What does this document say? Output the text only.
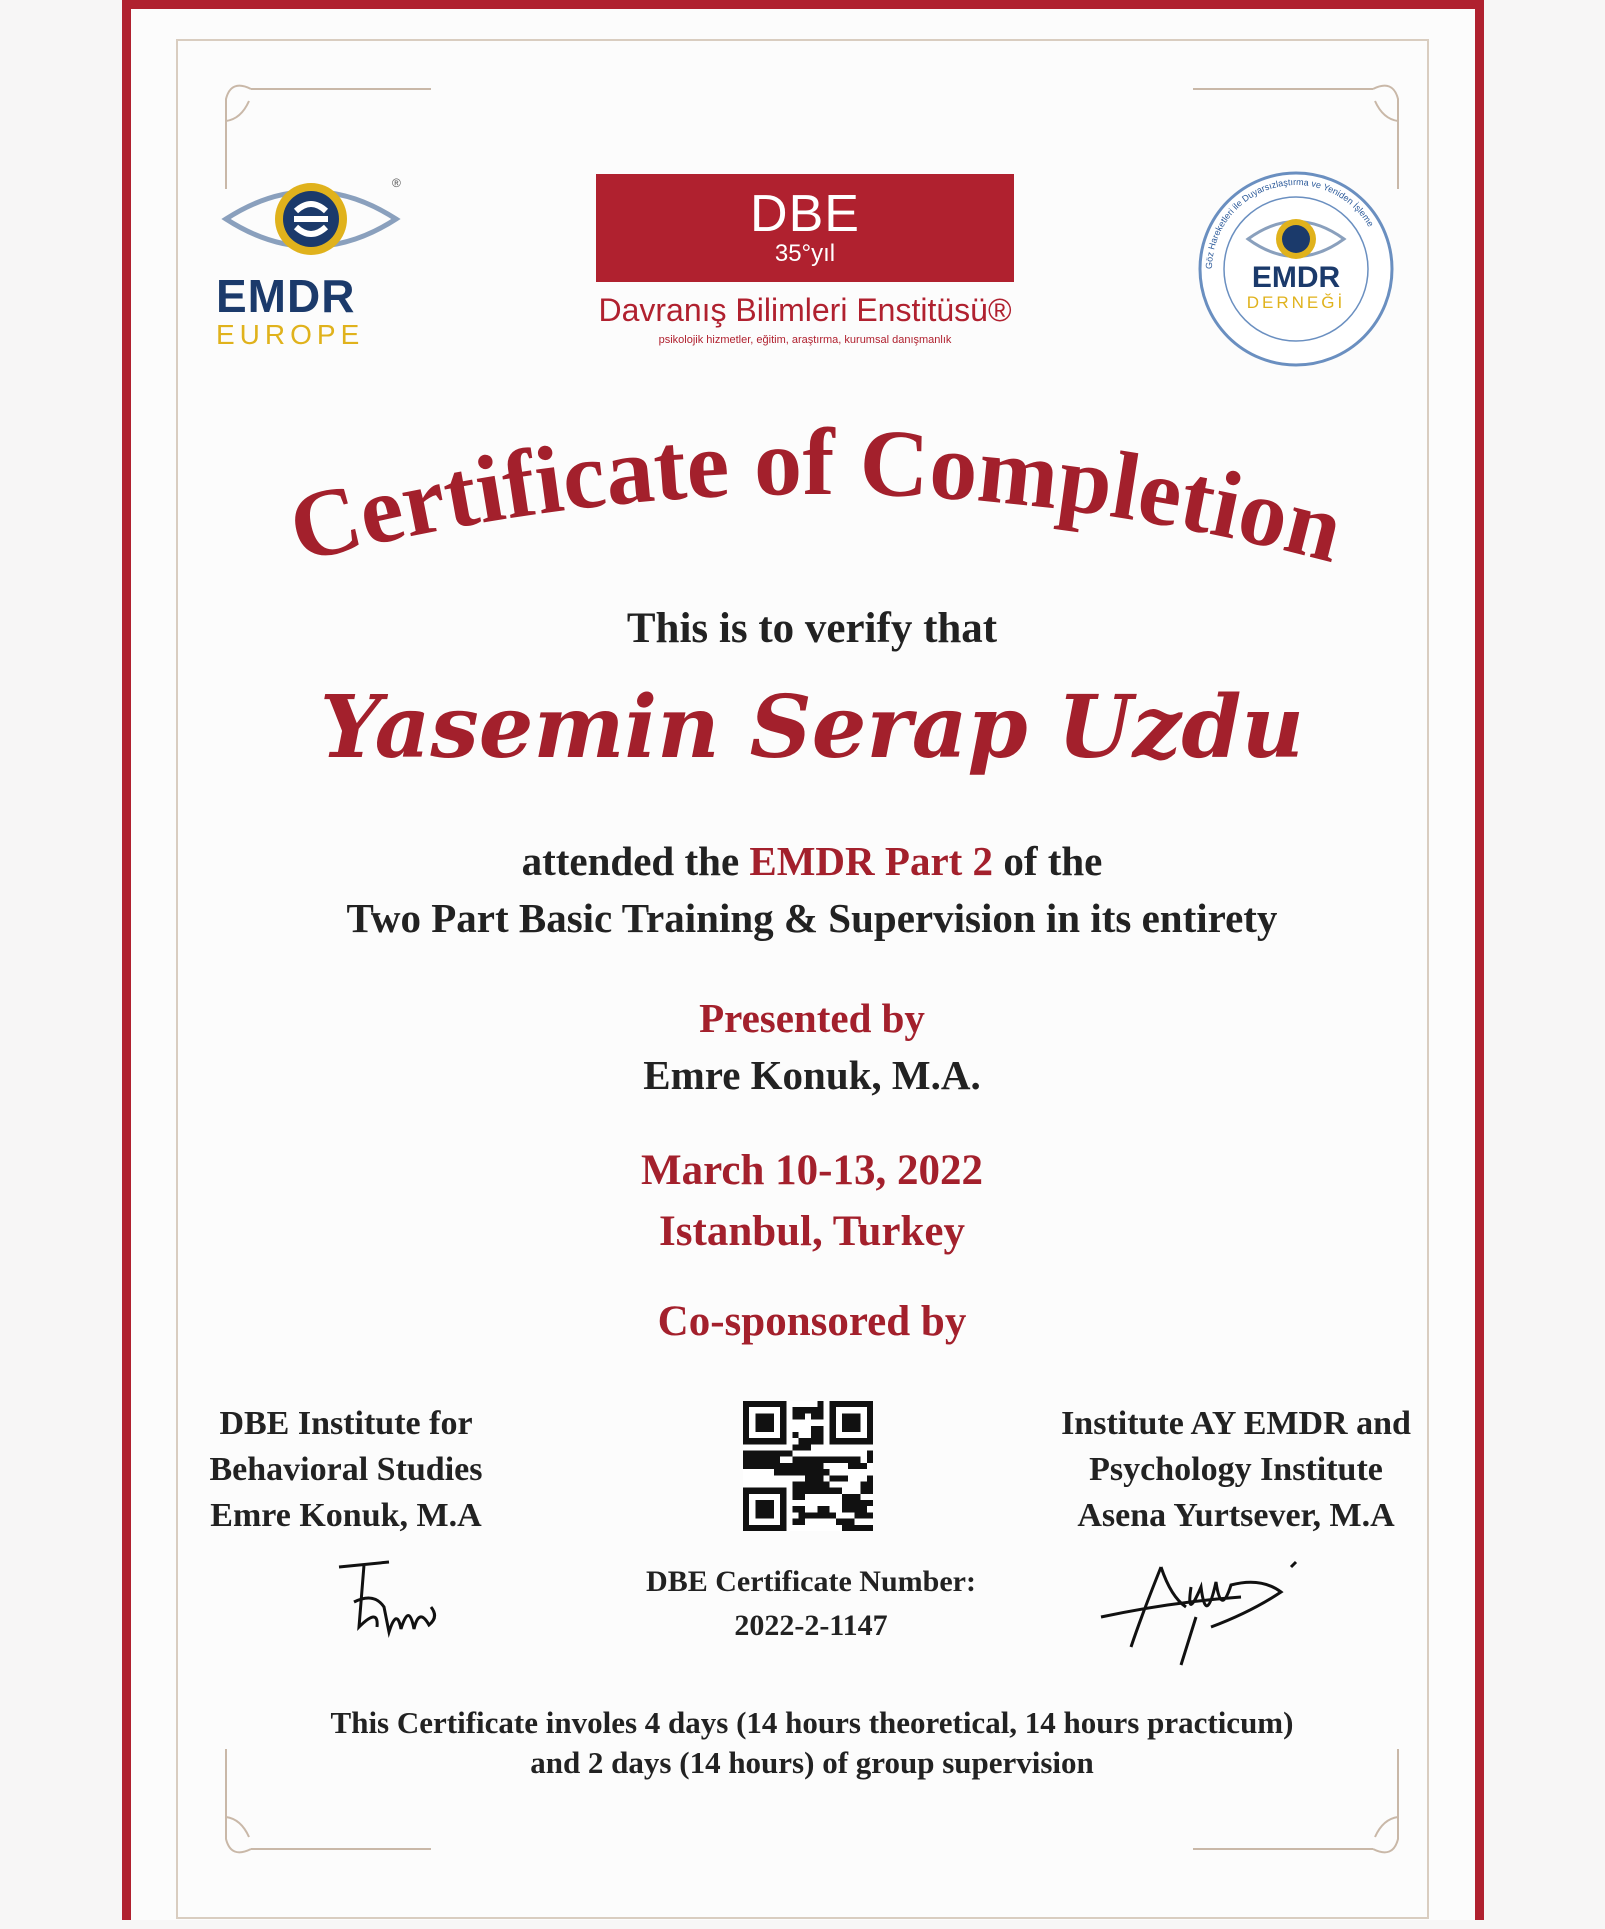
®
EMDR
EUROPE
DBE
35°yıl
Davranış Bilimleri Enstitüsü®
psikolojik hizmetler, eğitim, araştırma, kurumsal danışmanlık
Göz Hareketleri ile Duyarsızlaştırma ve Yeniden İşleme
EMDR
DERNEĞİ
Certificate of Completion
This is to verify that
Yasemin Serap Uzdu
attended the EMDR Part 2 of the
Two Part Basic Training & Supervision in its entirety
Presented by
Emre Konuk, M.A.
March 10-13, 2022
Istanbul, Turkey
Co-sponsored by
DBE Institute for
Behavioral Studies
Emre Konuk, M.A
DBE Certificate Number:
2022-2-1147
Institute AY EMDR and
Psychology Institute
Asena Yurtsever, M.A
This Certificate involes 4 days (14 hours theoretical, 14 hours practicum)
and 2 days (14 hours) of group supervision
